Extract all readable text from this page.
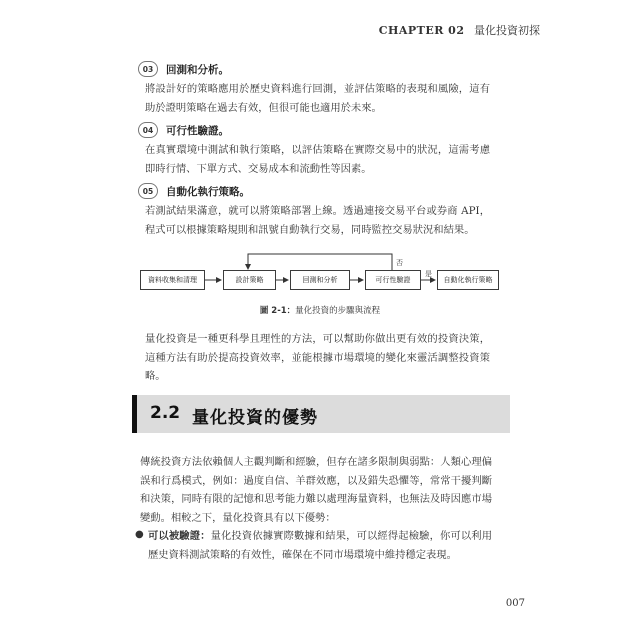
CHAPTER 02 量化投資初探
03	回測和分析。
將設計好的策略應用於歷史資料進行回測，並評估策略的表現和風險，這有助於證明策略在過去有效，但很可能也適用於未來。
04	可行性驗證。
在真實環境中測試和執行策略，以評估策略在實際交易中的狀況，這需考慮即時行情、下單方式、交易成本和流動性等因素。
05	自動化執行策略。
若測試結果滿意，就可以將策略部署上線。透過連接交易平台或券商 API，程式可以根據策略規則和訊號自動執行交易，同時監控交易狀況和結果。
資料收集和清理	設計策略	回測和分析	可行性驗證	自動化執行策略
否
是
圖 2-1：量化投資的步驟與流程
量化投資是一種更科學且理性的方法，可以幫助你做出更有效的投資決策，這種方法有助於提高投資效率，並能根據市場環境的變化來靈活調整投資策略。
2.2 量化投資的優勢
傳統投資方法依賴個人主觀判斷和經驗，但存在諸多限制與弱點：人類心理偏誤和行爲模式，例如：過度自信、羊群效應，以及錯失恐懼等，常常干擾判斷和決策，同時有限的記憶和思考能力難以處理海量資料，也無法及時因應市場變動。相較之下，量化投資具有以下優勢：
● 可以被驗證：量化投資依據實際數據和結果，可以經得起檢驗，你可以利用歷史資料測試策略的有效性，確保在不同市場環境中維持穩定表現。
007
